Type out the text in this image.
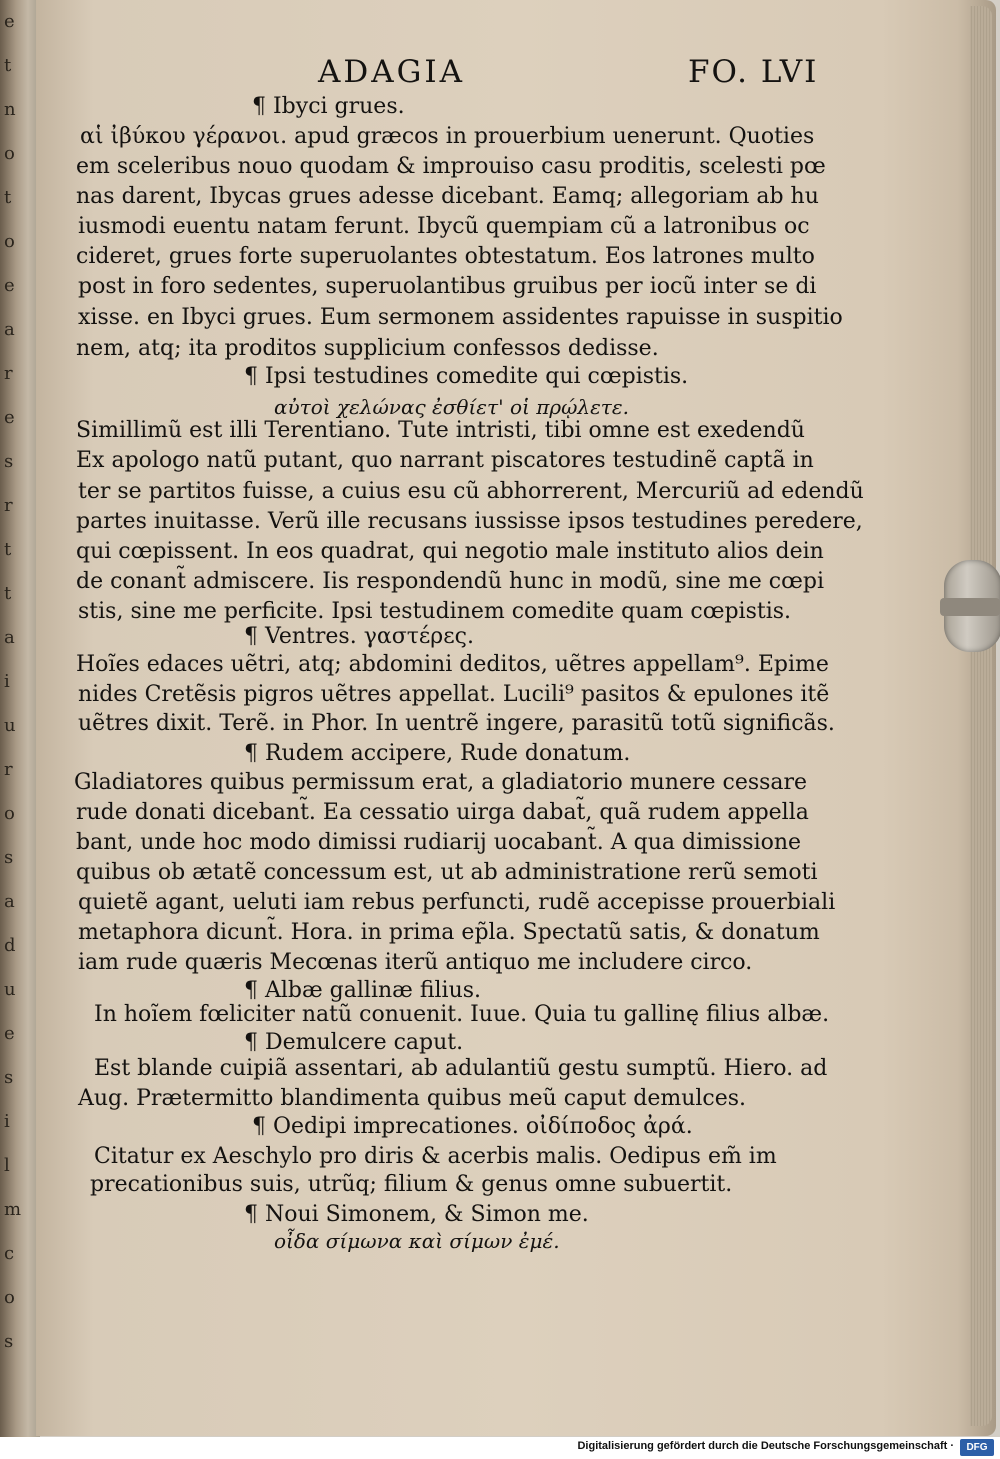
e
t
n
o
t
o
e
a
r
e
s
r
t
t
a
i
u
r
o
s
a
d
u
e
s
i
l
m
c
o
s
ADAGIA	FO. LVI
¶ Ibyci grues.
αἱ ἰβύκου γέρανοι. apud græcos in prouerbium uenerunt. Quoties
em sceleribus nouo quodam & improuiso casu proditis, scelesti pœ
nas darent, Ibycas grues adesse dicebant. Eamq; allegoriam ab hu
iusmodi euentu natam ferunt. Ibycũ quempiam cũ a latronibus oc
cideret, grues forte superuolantes obtestatum. Eos latrones multo
post in foro sedentes, superuolantibus gruibus per iocũ inter se di
xisse. en Ibyci grues. Eum sermonem assidentes rapuisse in suspitio
nem, atq; ita proditos supplicium confessos dedisse.
¶ Ipsi testudines comedite qui cœpistis.
αὐτοὶ χελώνας ἐσθίετ' οἱ πρῴλετε.
Simillimũ est illi Terentiano. Tute intristi, tibi omne est exedendũ
Ex apologo natũ putant, quo narrant piscatores testudinẽ captã in
ter se partitos fuisse, a cuius esu cũ abhorrerent, Mercuriũ ad edendũ
partes inuitasse. Verũ ille recusans iussisse ipsos testudines peredere,
qui cœpissent. In eos quadrat, qui negotio male instituto alios dein
de conant̃ admiscere. Iis respondendũ hunc in modũ, sine me cœpi
stis, sine me perficite. Ipsi testudinem comedite quam cœpistis.
¶ Ventres. γαστέρες.
Hoĩes edaces uẽtri, atq; abdomini deditos, uẽtres appellam⁹. Epime
nides Cretẽsis pigros uẽtres appellat. Lucili⁹ pasitos & epulones itẽ
uẽtres dixit. Terẽ. in Phor. In uentrẽ ingere, parasitũ totũ significãs.
¶ Rudem accipere, Rude donatum.
Gladiatores quibus permissum erat, a gladiatorio munere cessare
rude donati dicebant̃. Ea cessatio uirga dabat̃, quã rudem appella
bant, unde hoc modo dimissi rudiarij uocabant̃. A qua dimissione
quibus ob ætatẽ concessum est, ut ab administratione rerũ semoti
quietẽ agant, ueluti iam rebus perfuncti, rudẽ accepisse prouerbiali
metaphora dicunt̃. Hora. in prima ep̃la. Spectatũ satis, & donatum
iam rude quæris Mecœnas iterũ antiquo me includere circo.
¶ Albæ gallinæ filius.
In hoĩem fœliciter natũ conuenit. Iuue. Quia tu gallinę filius albæ.
¶ Demulcere caput.
Est blande cuipiã assentari, ab adulantiũ gestu sumptũ. Hiero. ad
Aug. Prætermitto blandimenta quibus meũ caput demulces.
¶ Oedipi imprecationes. οἰδίποδος ἀρά.
Citatur ex Aeschylo pro diris & acerbis malis. Oedipus em̃ im
precationibus suis, utrũq; filium & genus omne subuertit.
¶ Noui Simonem, & Simon me.
οἶδα σίμωνα καὶ σίμων ἐμέ.
Digitalisierung gefördert durch die Deutsche Forschungsgemeinschaft ·	DFG
